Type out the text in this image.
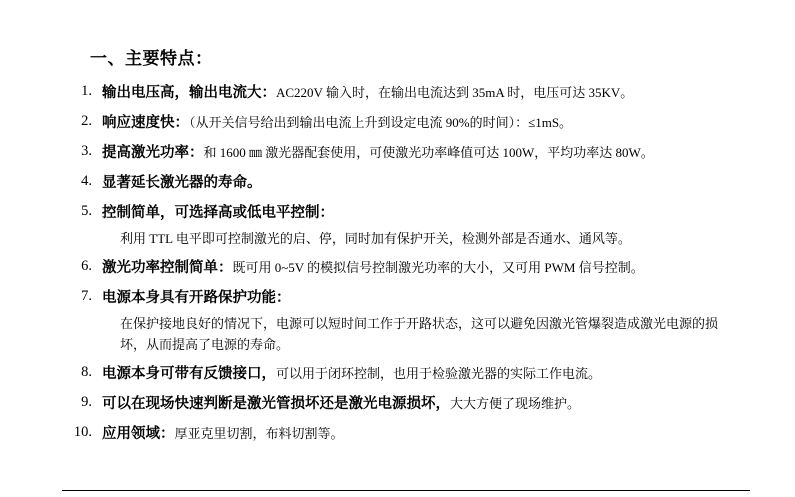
一、主要特点：
1. 输出电压高，输出电流大：AC220V 输入时，在输出电流达到 35mA 时，电压可达 35KV。
2. 响应速度快：（从开关信号给出到输出电流上升到设定电流 90%的时间）：≤1mS。
3. 提高激光功率：和 1600 ㎜ 激光器配套使用，可使激光功率峰值可达 100W，平均功率达 80W。
4. 显著延长激光器的寿命。
5. 控制简单，可选择高或低电平控制：
利用 TTL 电平即可控制激光的启、停，同时加有保护开关，检测外部是否通水、通风等。
6. 激光功率控制简单：既可用 0~5V 的模拟信号控制激光功率的大小，又可用 PWM 信号控制。
7. 电源本身具有开路保护功能：
在保护接地良好的情况下，电源可以短时间工作于开路状态，这可以避免因激光管爆裂造成激光电源的损坏，从而提高了电源的寿命。
8. 电源本身可带有反馈接口，可以用于闭环控制，也用于检验激光器的实际工作电流。
9. 可以在现场快速判断是激光管损坏还是激光电源损坏，大大方便了现场维护。
10. 应用领域：厚亚克里切割，布料切割等。
